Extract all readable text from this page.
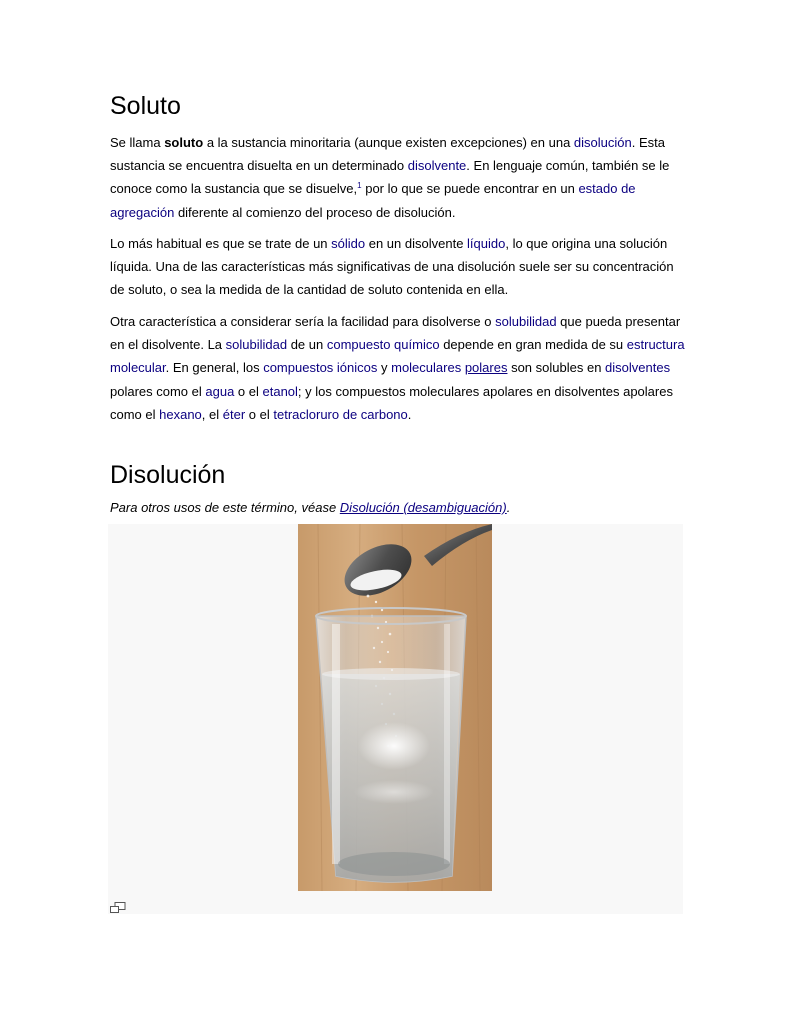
Soluto

Se llama soluto a la sustancia minoritaria (aunque existen excepciones) en una disolución. Esta sustancia se encuentra disuelta en un determinado disolvente. En lenguaje común, también se le conoce como la sustancia que se disuelve,$^1$ por lo que se puede encontrar en un estado de agregación diferente al comienzo del proceso de disolución.

Lo más habitual es que se trate de un sólido en un disolvente líquido, lo que origina una solución líquida. Una de las características más significativas de una disolución suele ser su concentración de soluto, o sea la medida de la cantidad de soluto contenida en ella.

Otra característica a considerar sería la facilidad para disolverse o solubilidad que pueda presentar en el disolvente. La solubilidad de un compuesto químico depende en gran medida de su estructura molecular. En general, los compuestos iónicos y moleculares polares son solubles en disolventes polares como el agua o el etanol; y los compuestos moleculares apolares en disolventes apolares como el hexano, el éter o el tetracloruro de carbono.

Disolución
Para otros usos de este término, véase Disolución (desambiguación).
